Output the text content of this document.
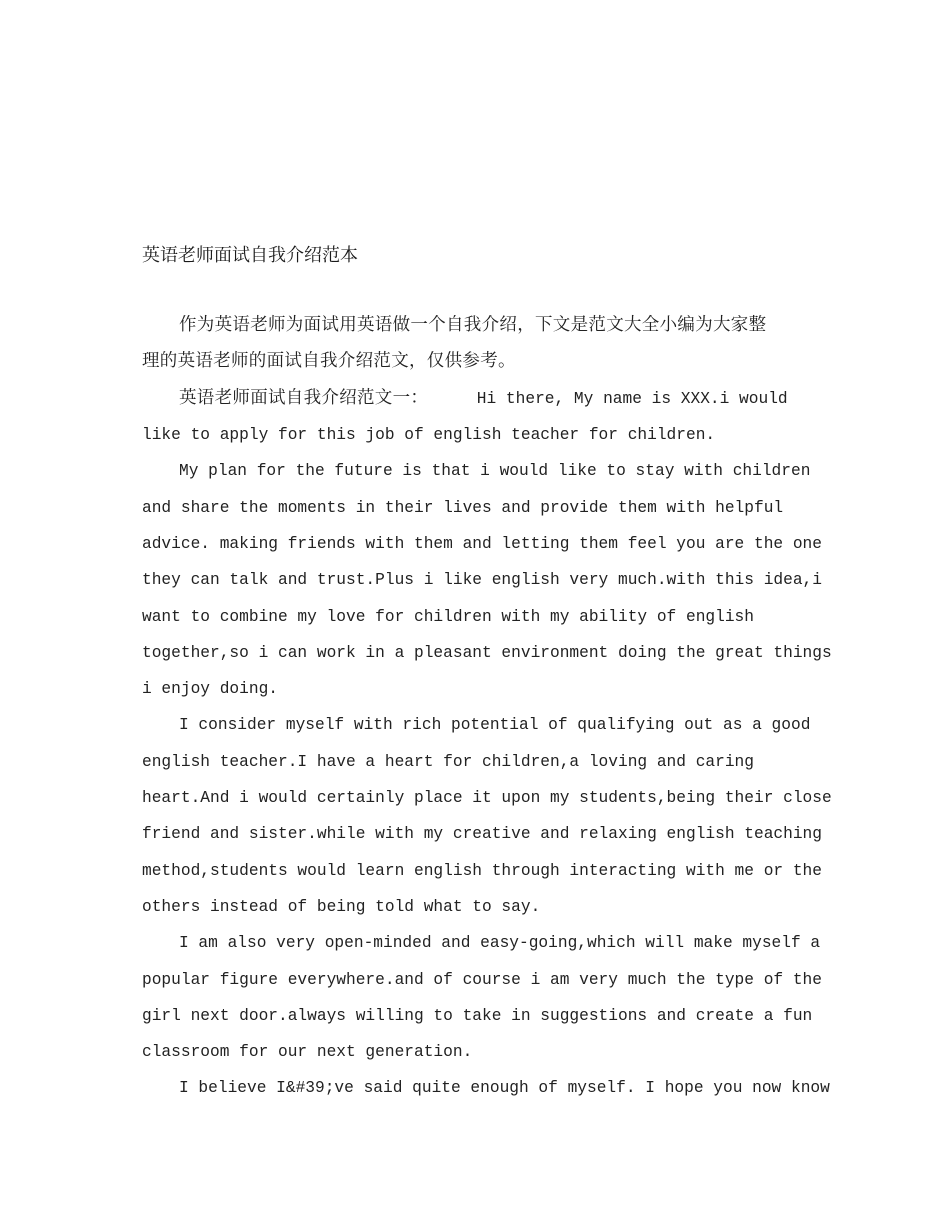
英语老师面试自我介绍范本
作为英语老师为面试用英语做一个自我介绍，下文是范文大全小编为大家整
理的英语老师的面试自我介绍范文，仅供参考。
英语老师面试自我介绍范文一：	Hi there, My name is XXX.i would
like to apply for this job of english teacher for children.
My plan for the future is that i would like to stay with children
and share the moments in their lives and provide them with helpful
advice. making friends with them and letting them feel you are the one
they can talk and trust.Plus i like english very much.with this idea,i
want to combine my love for children with my ability of english
together,so i can work in a pleasant environment doing the great things
i enjoy doing.
I consider myself with rich potential of qualifying out as a good
english teacher.I have a heart for children,a loving and caring
heart.And i would certainly place it upon my students,being their close
friend and sister.while with my creative and relaxing english teaching
method,students would learn english through interacting with me or the
others instead of being told what to say.
I am also very open-minded and easy-going,which will make myself a
popular figure everywhere.and of course i am very much the type of the
girl next door.always willing to take in suggestions and create a fun
classroom for our next generation.
I believe I&#39;ve said quite enough of myself. I hope you now know
